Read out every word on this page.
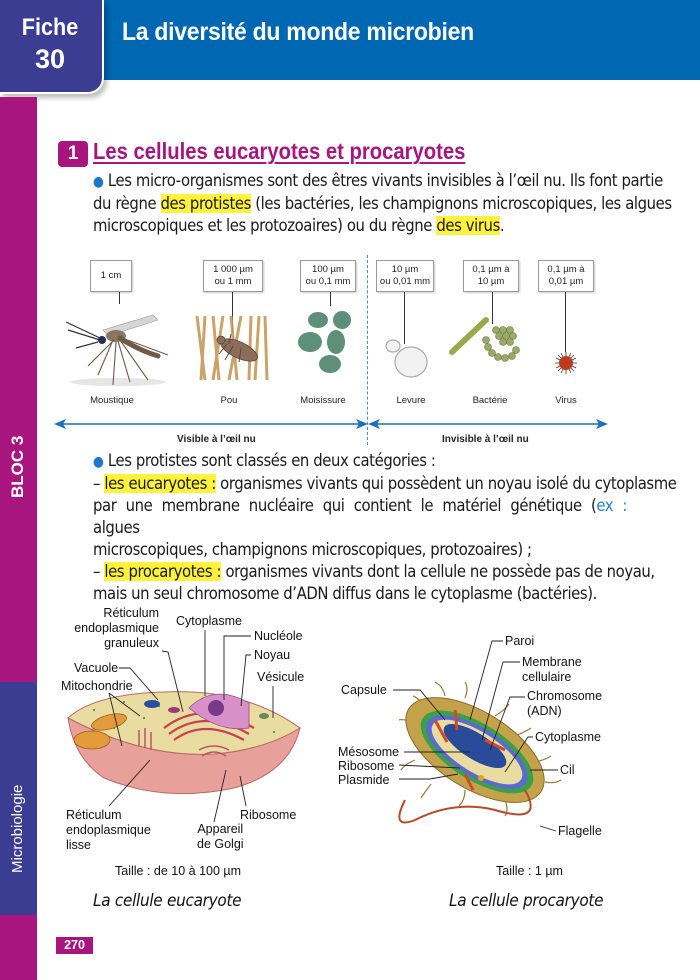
La diversité du monde microbien
Fiche
30
BLOC 3
Microbiologie
1 Les cellules eucaryotes et procaryotes
● Les micro-organismes sont des êtres vivants invisibles à l’œil nu. Ils font partie
du règne des protistes (les bactéries, les champignons microscopiques, les algues
microscopiques et les protozoaires) ou du règne des virus.
1 cm
1 000 µm
ou 1 mm
100 µm
ou 0,1 mm
10 µm
ou 0,01 mm
0,1 µm à
10 µm
0,1 µm à
0,01 µm
Moustique	Pou	Moisissure	Levure	Bactérie	Virus
Visible à l’œil nu	Invisible à l’œil nu
● Les protistes sont classés en deux catégories :
– les eucaryotes : organismes vivants qui possèdent un noyau isolé du cytoplasme
par une membrane nucléaire qui contient le matériel génétique (ex : algues
microscopiques, champignons microscopiques, protozoaires) ;
– les procaryotes : organismes vivants dont la cellule ne possède pas de noyau,
mais un seul chromosome d’ADN diffus dans le cytoplasme (bactéries).
Réticulum
endoplasmique
granuleux
Cytoplasme
Nucléole
Noyau
Vésicule
Vacuole
Mitochondrie
Réticulum
endoplasmique
lisse
Ribosome
Appareil
de Golgi
Taille : de 10 à 100 µm
La cellule eucaryote
Paroi
Membrane
cellulaire
Capsule	Chromosome
(ADN)
Cytoplasme
Mésosome
Ribosome
Plasmide
Cil
Flagelle
Taille : 1 µm
La cellule procaryote
270
